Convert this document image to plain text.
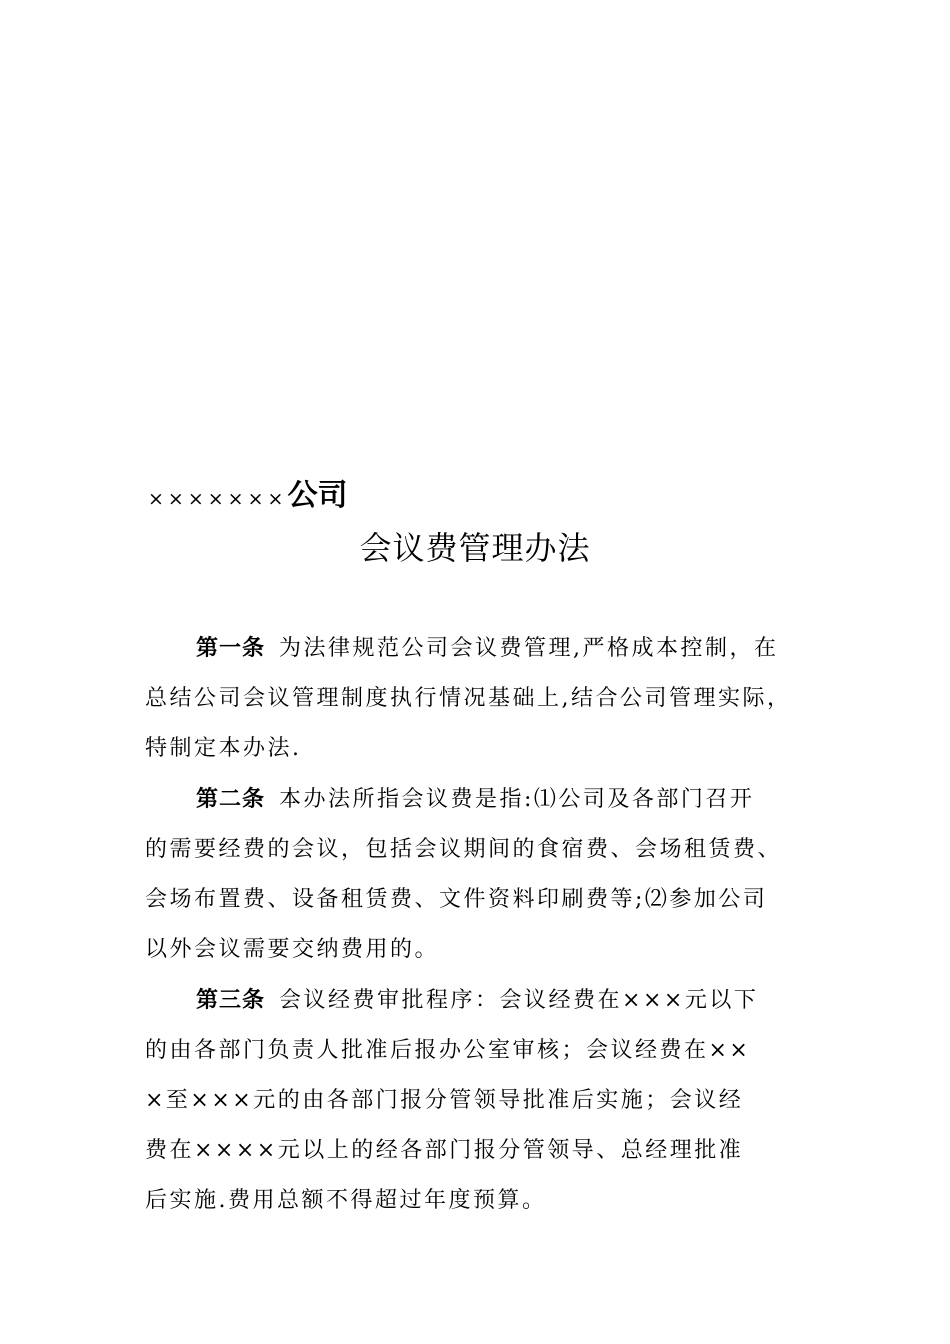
×××××××公司
会议费管理办法
第一条 为法律规范公司会议费管理,严格成本控制，在
总结公司会议管理制度执行情况基础上,结合公司管理实际，
特制定本办法.
第二条 本办法所指会议费是指:⑴公司及各部门召开
的需要经费的会议，包括会议期间的食宿费、会场租赁费、
会场布置费、设备租赁费、文件资料印刷费等;⑵参加公司
以外会议需要交纳费用的。
第三条 会议经费审批程序：会议经费在×××元以下
的由各部门负责人批准后报办公室审核；会议经费在××
×至×××元的由各部门报分管领导批准后实施；会议经
费在××××元以上的经各部门报分管领导、总经理批准
后实施.费用总额不得超过年度预算。
